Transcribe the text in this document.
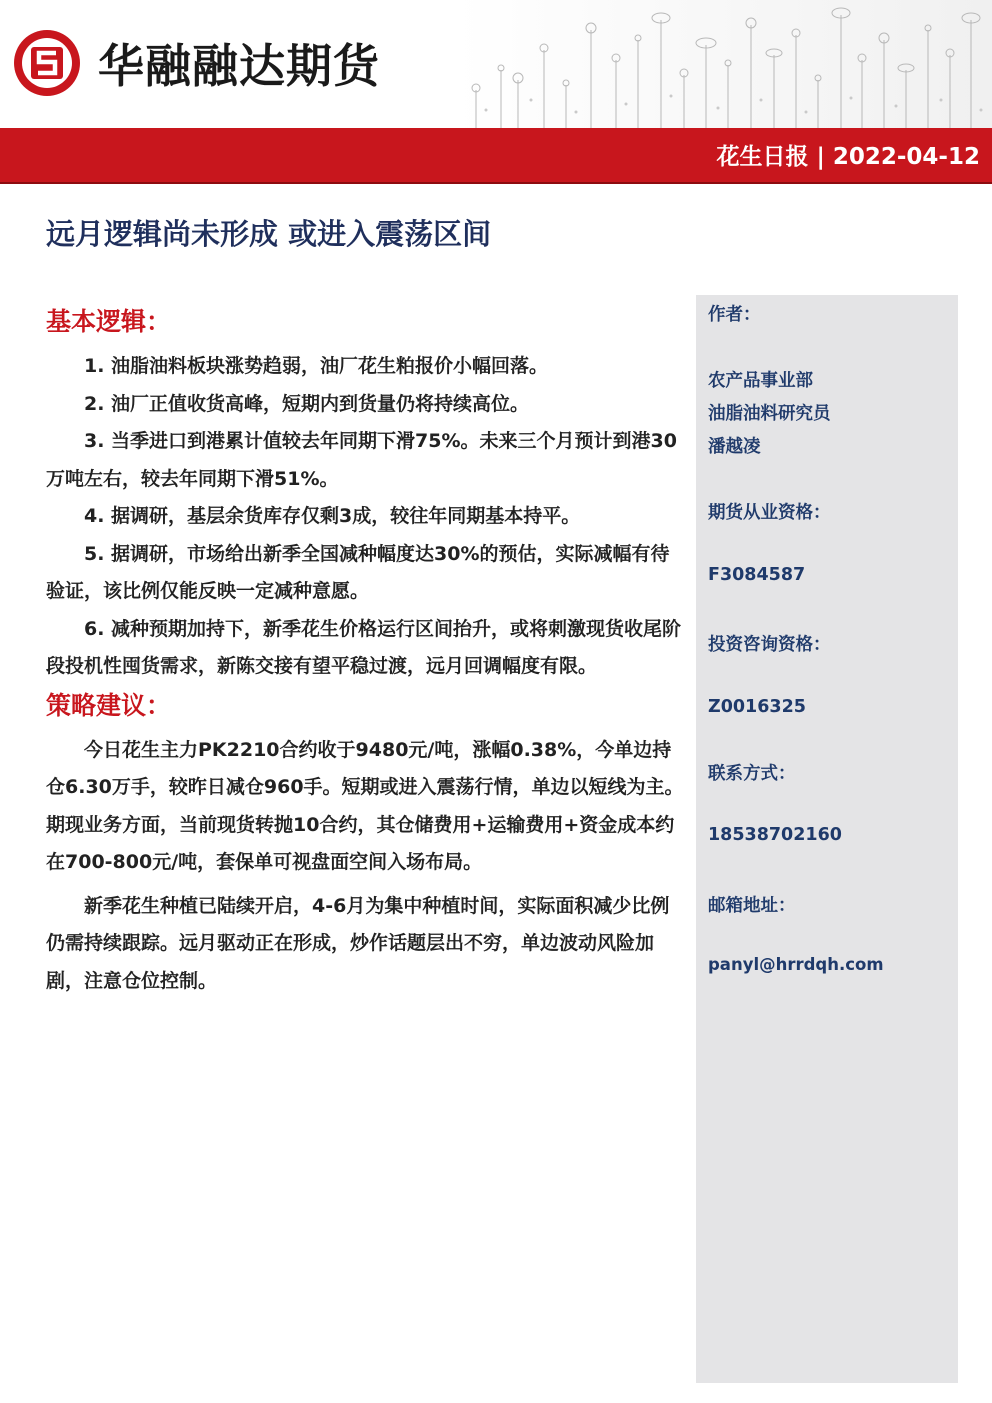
华融融达期货
花生日报 | 2022-04-12
远月逻辑尚未形成 或进入震荡区间
基本逻辑：

1. 油脂油料板块涨势趋弱，油厂花生粕报价小幅回落。

2. 油厂正值收货高峰，短期内到货量仍将持续高位。

3. 当季进口到港累计值较去年同期下滑75%。未来三个月预计到港30万吨左右，较去年同期下滑51%。

4. 据调研，基层余货库存仅剩3成，较往年同期基本持平。

5. 据调研，市场给出新季全国减种幅度达30%的预估，实际减幅有待验证，该比例仅能反映一定减种意愿。

6. 减种预期加持下，新季花生价格运行区间抬升，或将刺激现货收尾阶段投机性囤货需求，新陈交接有望平稳过渡，远月回调幅度有限。

策略建议：

今日花生主力PK2210合约收于9480元/吨，涨幅0.38%，今单边持仓6.30万手，较昨日减仓960手。短期或进入震荡行情，单边以短线为主。期现业务方面，当前现货转抛10合约，其仓储费用+运输费用+资金成本约在700-800元/吨，套保单可视盘面空间入场布局。

新季花生种植已陆续开启，4-6月为集中种植时间，实际面积减少比例仍需持续跟踪。远月驱动正在形成，炒作话题层出不穷，单边波动风险加剧，注意仓位控制。

作者：
农产品事业部
油脂油料研究员
潘越凌
期货从业资格：
F3084587
投资咨询资格：
Z0016325
联系方式：
18538702160
邮箱地址：
panyl@hrrdqh.com
